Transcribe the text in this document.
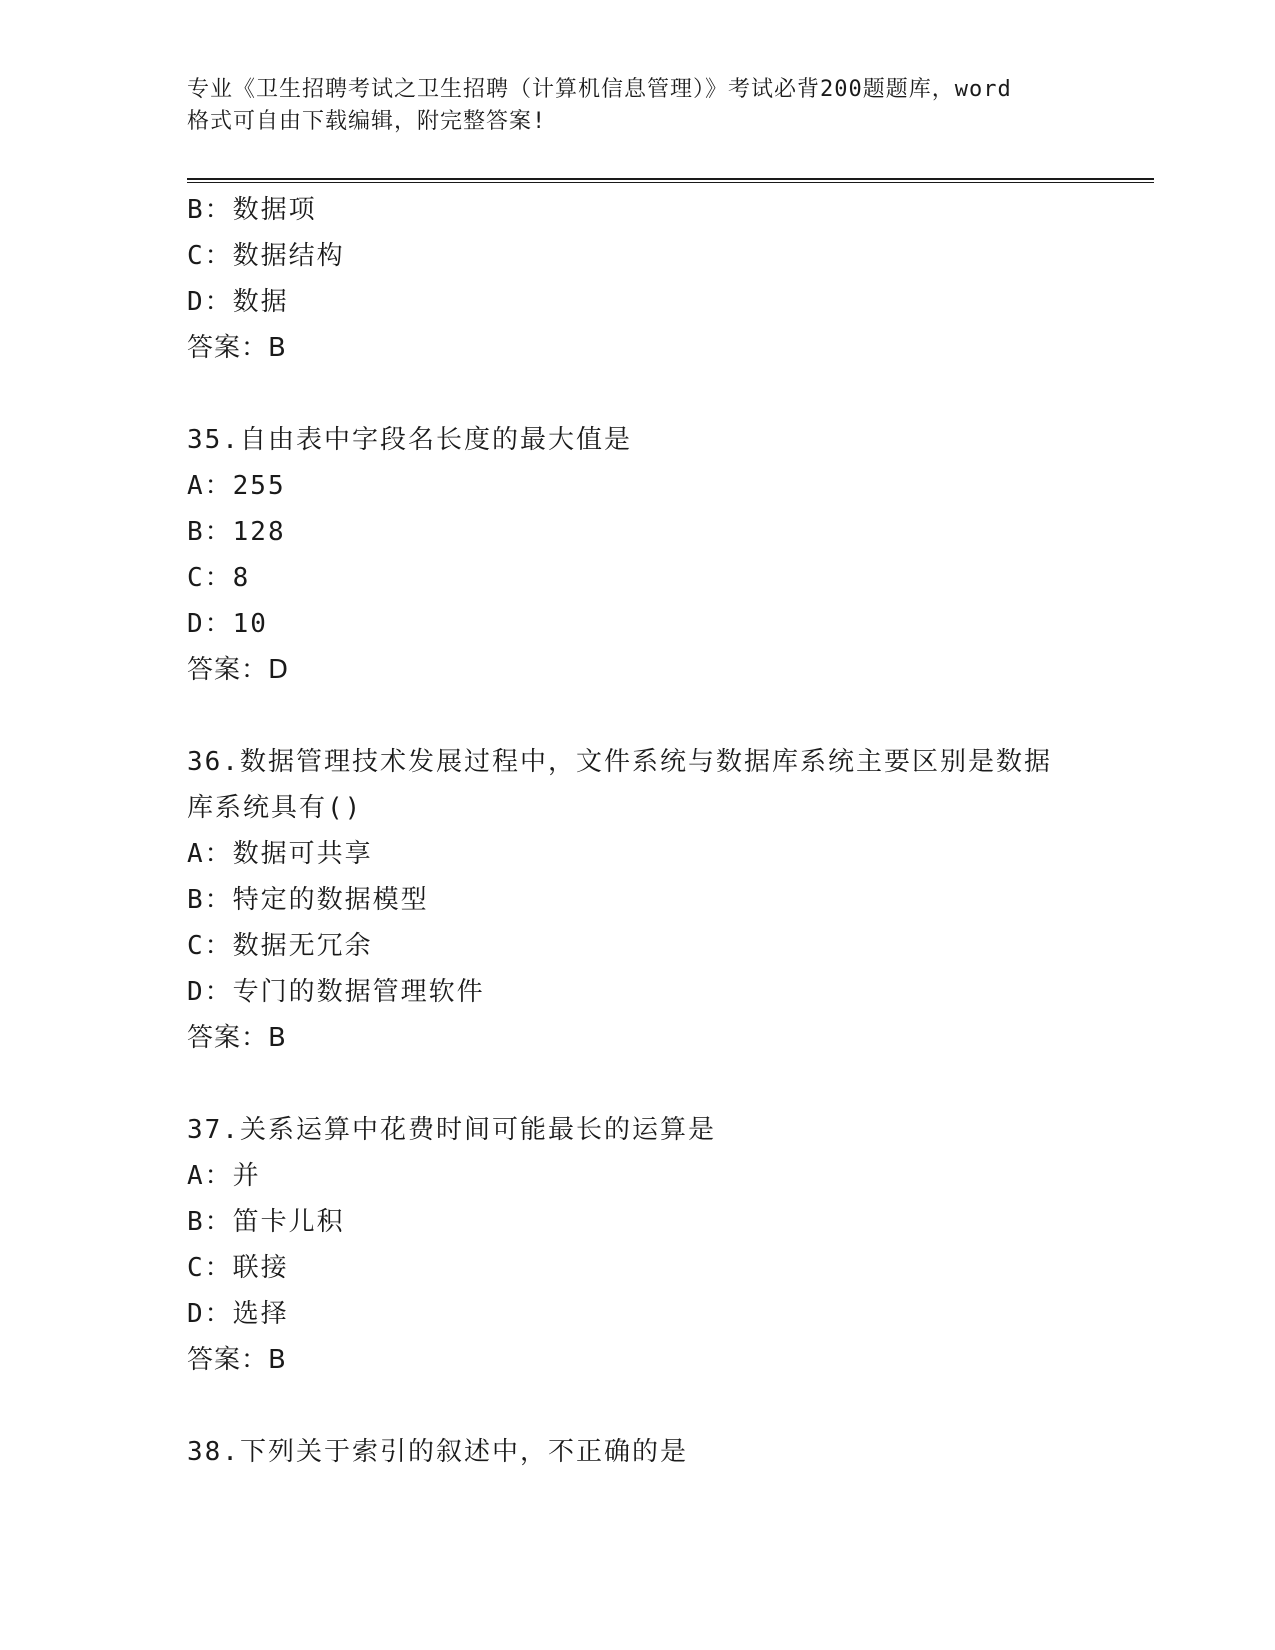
专业《卫生招聘考试之卫生招聘（计算机信息管理）》考试必背200题题库，word
格式可自由下载编辑，附完整答案!
B：数据项
C：数据结构
D：数据
答案：B
35.自由表中字段名长度的最大值是
A：255
B：128
C：8
D：10
答案：D
36.数据管理技术发展过程中，文件系统与数据库系统主要区别是数据
库系统具有()
A：数据可共享
B：特定的数据模型
C：数据无冗余
D：专门的数据管理软件
答案：B
37.关系运算中花费时间可能最长的运算是
A：并
B：笛卡儿积
C：联接
D：选择
答案：B
38.下列关于索引的叙述中，不正确的是
